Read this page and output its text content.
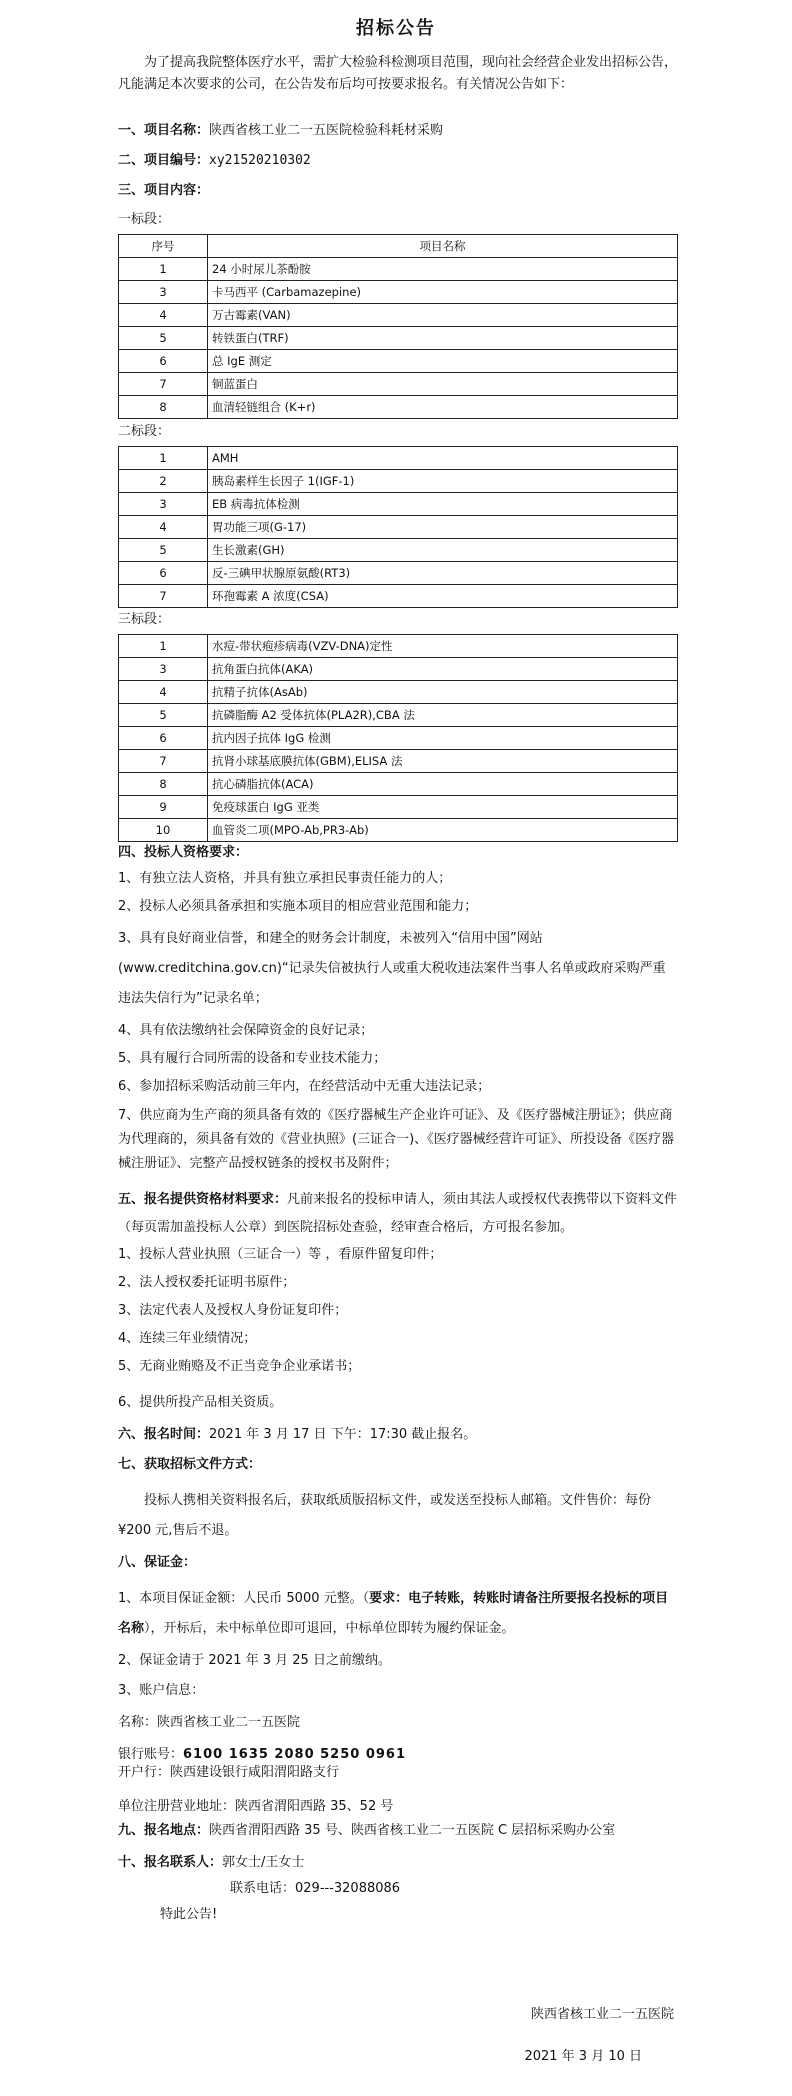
招标公告
为了提高我院整体医疗水平，需扩大检验科检测项目范围，现向社会经营企业发出招标公告，凡能满足本次要求的公司，在公告发布后均可按要求报名。有关情况公告如下：
一、项目名称：陕西省核工业二一五医院检验科耗材采购
二、项目编号：xy21520210302
三、项目内容：
一标段：
序号	项目名称
1	24 小时尿儿茶酚胺
3	卡马西平 (Carbamazepine)
4	万古霉素(VAN)
5	转铁蛋白(TRF)
6	总 IgE 测定
7	铜蓝蛋白
8	血清轻链组合 (K+r)
二标段：
1	AMH
2	胰岛素样生长因子 1(IGF-1)
3	EB 病毒抗体检测
4	胃功能三项(G-17)
5	生长激素(GH)
6	反-三碘甲状腺原氨酸(RT3)
7	环孢霉素 A 浓度(CSA)
三标段：
1	水痘-带状疱疹病毒(VZV-DNA)定性
3	抗角蛋白抗体(AKA)
4	抗精子抗体(AsAb)
5	抗磷脂酶 A2 受体抗体(PLA2R),CBA 法
6	抗内因子抗体 IgG 检测
7	抗肾小球基底膜抗体(GBM),ELISA 法
8	抗心磷脂抗体(ACA)
9	免疫球蛋白 IgG 亚类
10	血管炎二项(MPO-Ab,PR3-Ab)
四、投标人资格要求：
1、有独立法人资格，并具有独立承担民事责任能力的人；
2、投标人必须具备承担和实施本项目的相应营业范围和能力；
3、具有良好商业信誉，和建全的财务会计制度，未被列入“信用中国”网站(www.creditchina.gov.cn)“记录失信被执行人或重大税收违法案件当事人名单或政府采购严重违法失信行为”记录名单；
4、具有依法缴纳社会保障资金的良好记录；
5、具有履行合同所需的设备和专业技术能力；
6、参加招标采购活动前三年内，在经营活动中无重大违法记录；
7、供应商为生产商的须具备有效的《医疗器械生产企业许可证》、及《医疗器械注册证》；供应商为代理商的，须具备有效的《营业执照》(三证合一)、《医疗器械经营许可证》、所投设备《医疗器械注册证》、完整产品授权链条的授权书及附件；
五、报名提供资格材料要求：凡前来报名的投标申请人，须由其法人或授权代表携带以下资料文件（每页需加盖投标人公章）到医院招标处查验，经审查合格后，方可报名参加。
1、投标人营业执照（三证合一）等 ，看原件留复印件；
2、法人授权委托证明书原件；
3、法定代表人及授权人身份证复印件；
4、连续三年业绩情况；
5、无商业贿赂及不正当竞争企业承诺书；
6、提供所投产品相关资质。
六、报名时间：2021 年 3 月 17 日 下午：17:30 截止报名。
七、获取招标文件方式：
投标人携相关资料报名后，获取纸质版招标文件，或发送至投标人邮箱。文件售价：每份¥200 元,售后不退。
八、保证金：
1、本项目保证金额：人民币 5000 元整。（要求：电子转账，转账时请备注所要报名投标的项目名称），开标后，未中标单位即可退回，中标单位即转为履约保证金。
2、保证金请于 2021 年 3 月 25 日之前缴纳。
3、账户信息：
名称：陕西省核工业二一五医院
银行账号：6100 1635 2080 5250 0961
开户行：陕西建设银行咸阳渭阳路支行
单位注册营业地址：陕西省渭阳西路 35、52 号
九、报名地点：陕西省渭阳西路 35 号、陕西省核工业二一五医院 C 层招标采购办公室
十、报名联系人：郭女士/王女士
联系电话：029---32088086
特此公告!
陕西省核工业二一五医院
2021 年 3 月 10 日
